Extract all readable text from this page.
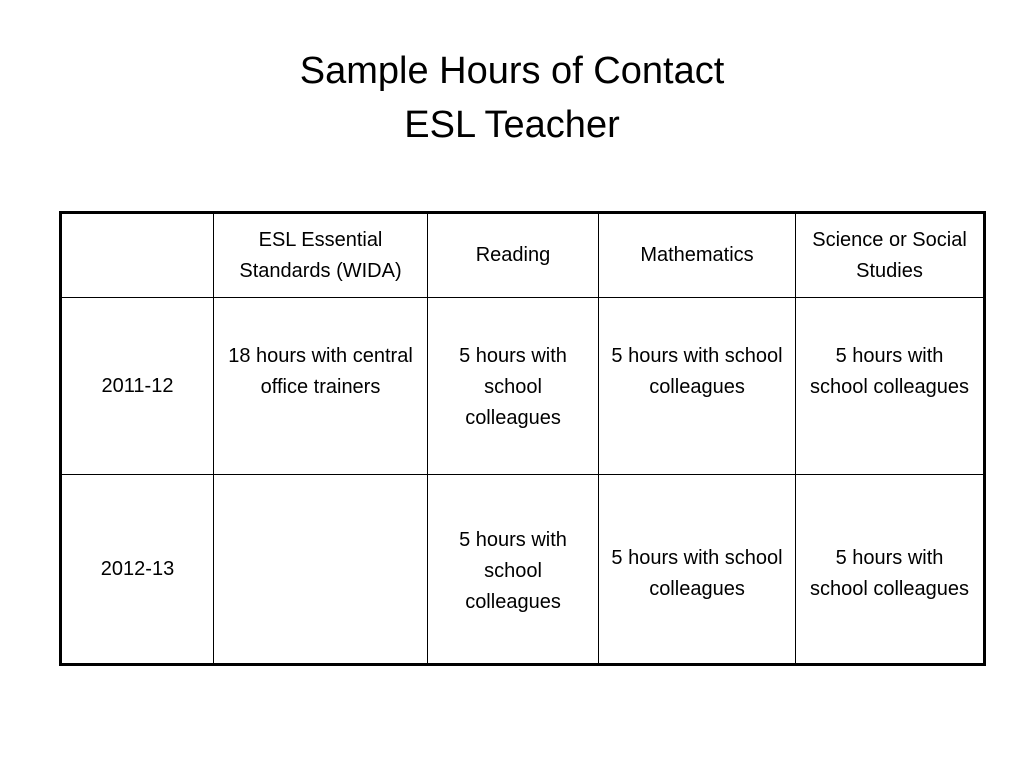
Sample Hours of Contact
ESL Teacher
	ESL Essential Standards (WIDA)	Reading	Mathematics	Science or Social Studies
2011-12	18 hours with central office trainers	5 hours with school colleagues	5 hours with school colleagues	5 hours with school colleagues
2012-13		5 hours with school colleagues	5 hours with school colleagues	5 hours with school colleagues
